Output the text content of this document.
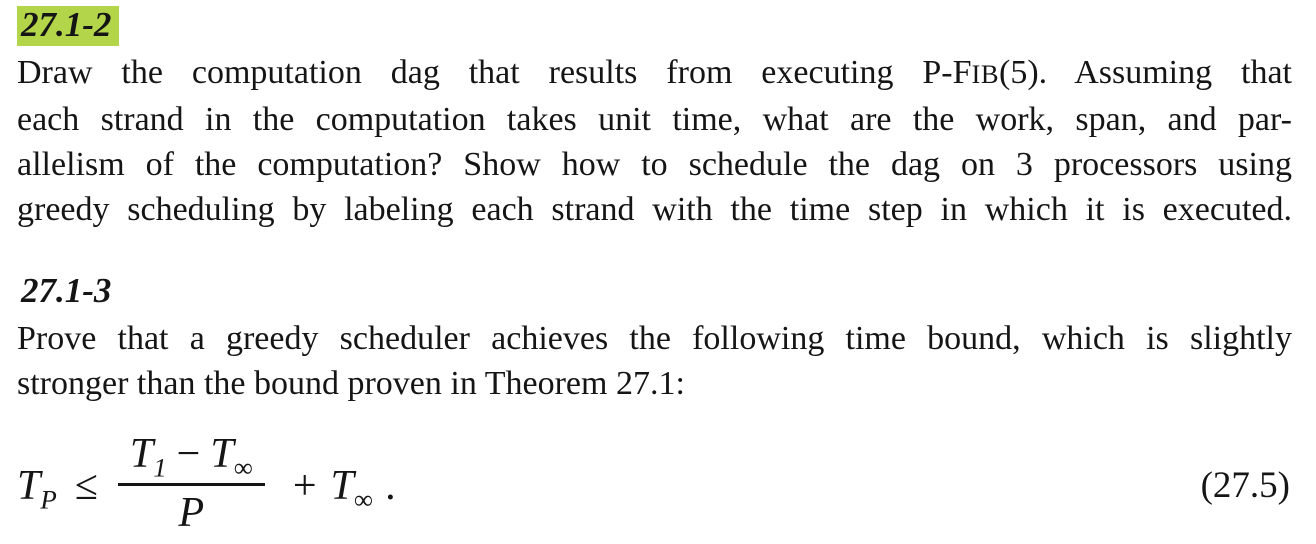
27.1-2
Draw the computation dag that results from executing P-FIB(5). Assuming that
each strand in the computation takes unit time, what are the work, span, and par-
allelism of the computation? Show how to schedule the dag on 3 processors using
greedy scheduling by labeling each strand with the time step in which it is executed.
27.1-3
Prove that a greedy scheduler achieves the following time bound, which is slightly
stronger than the bound proven in Theorem 27.1:
$T_P \le \frac{T_1 - T_\infty}{P} + T_\infty$ .	(27.5)
